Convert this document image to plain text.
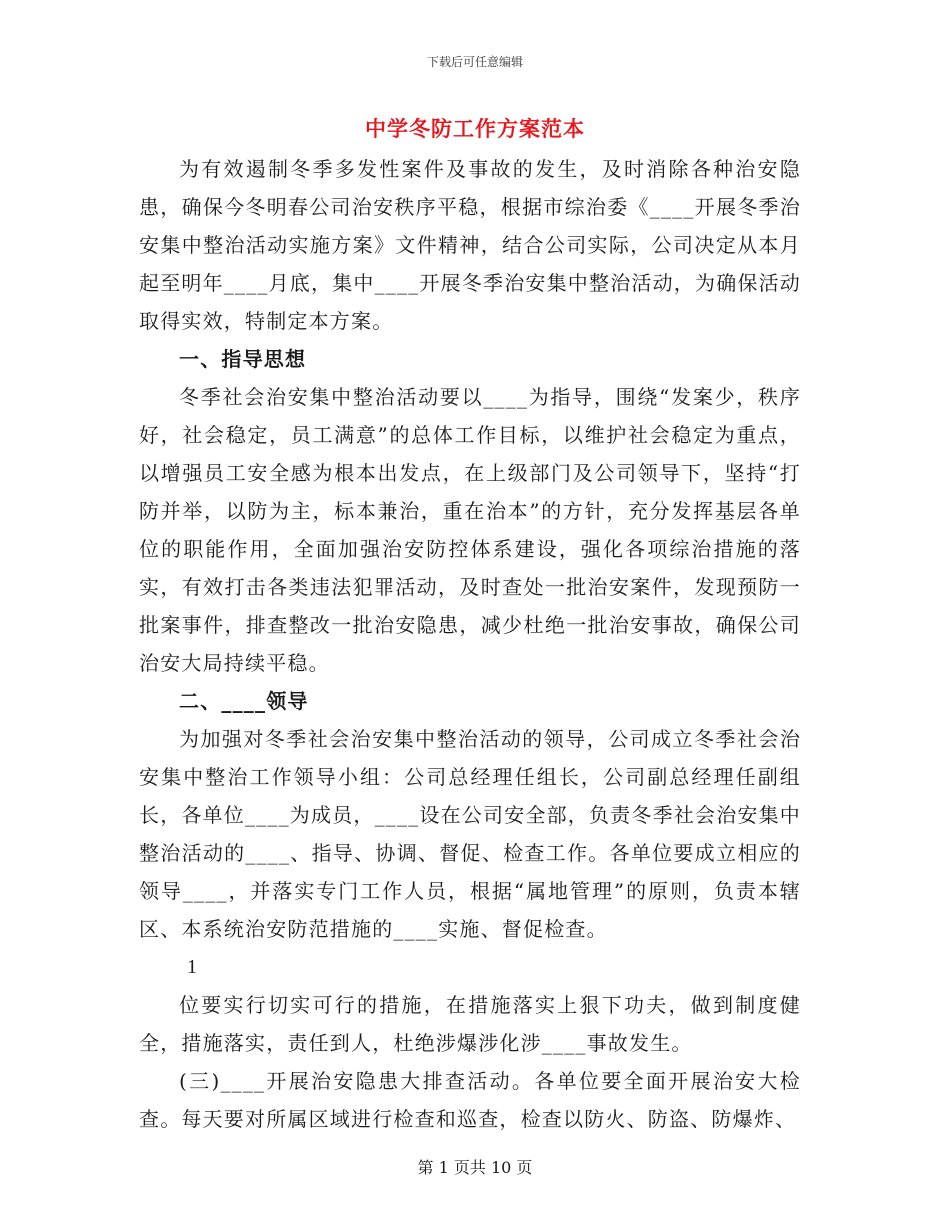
下载后可任意编辑
中学冬防工作方案范本

为有效遏制冬季多发性案件及事故的发生，及时消除各种治安隐患，确保今冬明春公司治安秩序平稳，根据市综治委《____开展冬季治安集中整治活动实施方案》文件精神，结合公司实际，公司决定从本月起至明年____月底，集中____开展冬季治安集中整治活动，为确保活动取得实效，特制定本方案。

一、指导思想

冬季社会治安集中整治活动要以____为指导，围绕“发案少，秩序好，社会稳定，员工满意”的总体工作目标，以维护社会稳定为重点，以增强员工安全感为根本出发点，在上级部门及公司领导下，坚持“打防并举，以防为主，标本兼治，重在治本”的方针，充分发挥基层各单位的职能作用，全面加强治安防控体系建设，强化各项综治措施的落实，有效打击各类违法犯罪活动，及时查处一批治安案件，发现预防一批案事件，排查整改一批治安隐患，减少杜绝一批治安事故，确保公司治安大局持续平稳。

二、____领导

为加强对冬季社会治安集中整治活动的领导，公司成立冬季社会治安集中整治工作领导小组：公司总经理任组长，公司副总经理任副组长，各单位____为成员，____设在公司安全部，负责冬季社会治安集中整治活动的____、指导、协调、督促、检查工作。各单位要成立相应的领导____，并落实专门工作人员，根据“属地管理”的原则，负责本辖区、本系统治安防范措施的____实施、督促检查。

1

位要实行切实可行的措施，在措施落实上狠下功夫，做到制度健全，措施落实，责任到人，杜绝涉爆涉化涉____事故发生。

(三)____开展治安隐患大排查活动。各单位要全面开展治安大检查。每天要对所属区域进行检查和巡查，检查以防火、防盗、防爆炸、

第 1 页共 10 页
